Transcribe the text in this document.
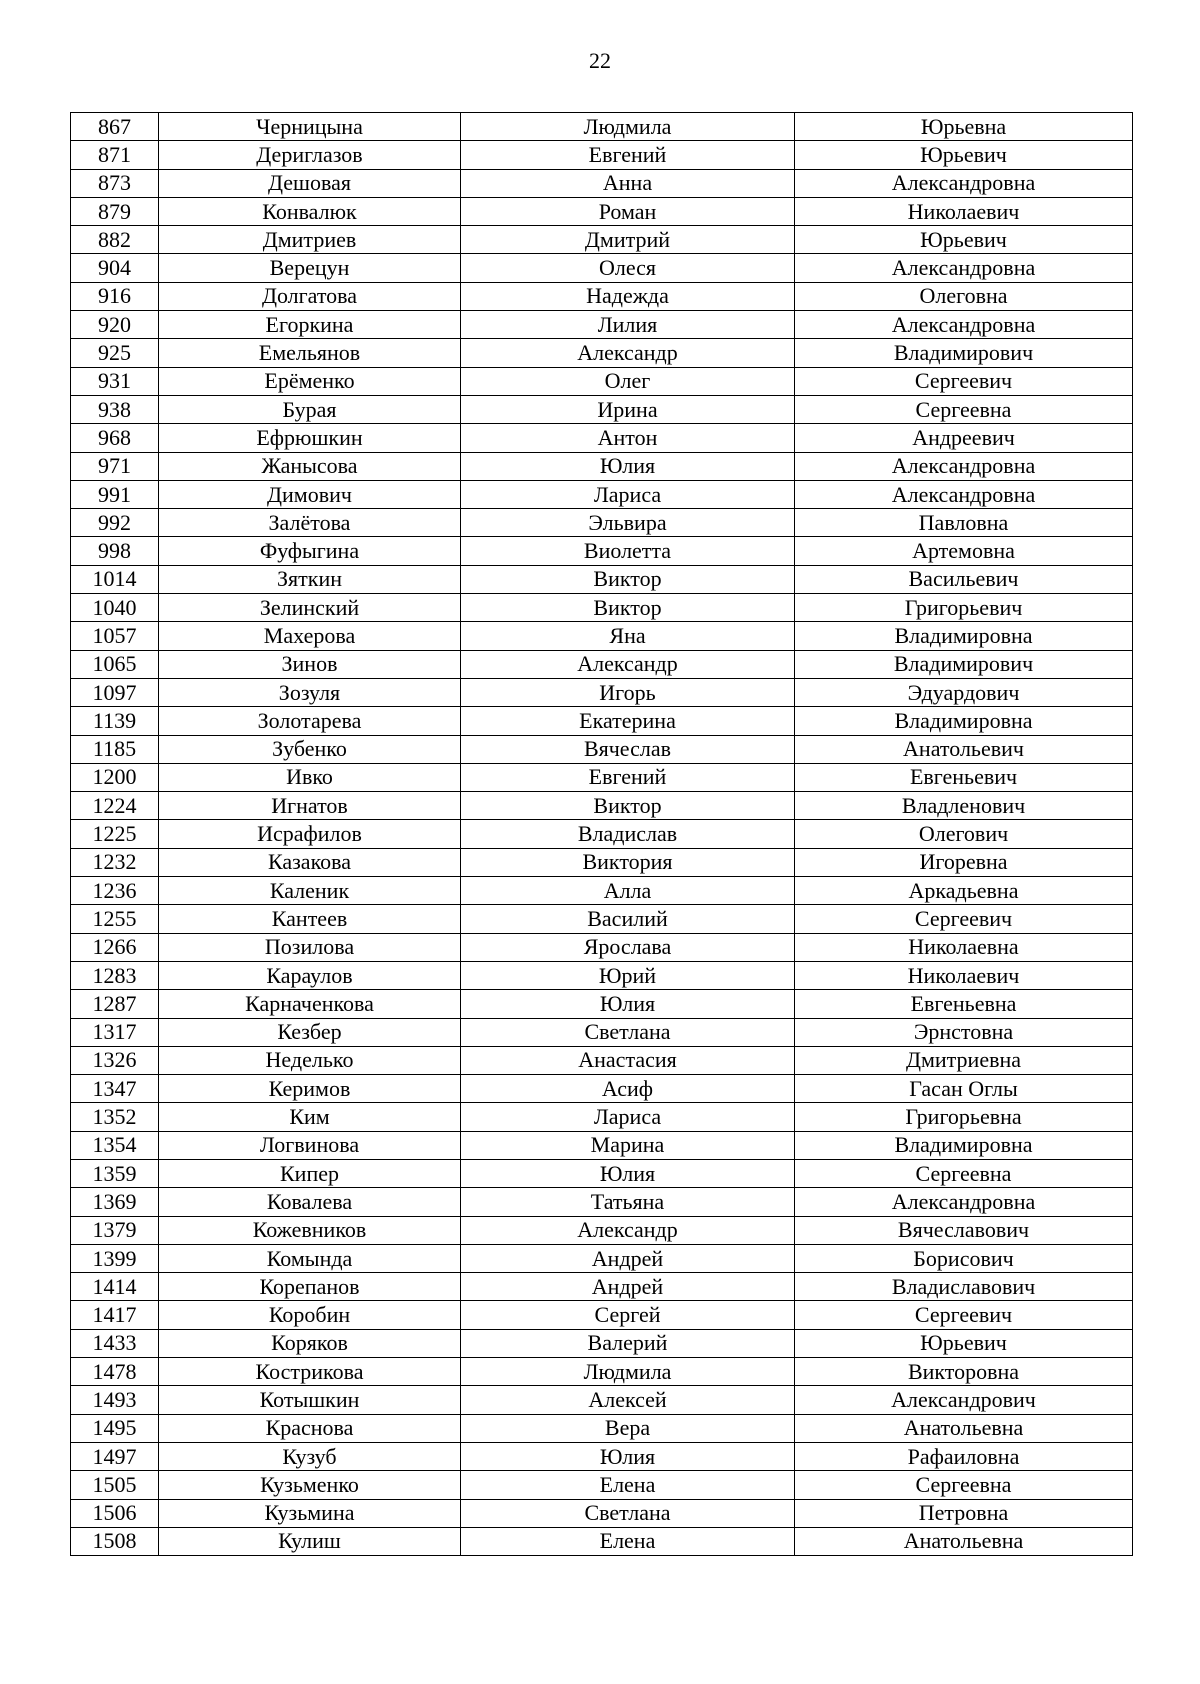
22
867	Черницына	Людмила	Юрьевна
871	Дериглазов	Евгений	Юрьевич
873	Дешовая	Анна	Александровна
879	Конвалюк	Роман	Николаевич
882	Дмитриев	Дмитрий	Юрьевич
904	Верецун	Олеся	Александровна
916	Долгатова	Надежда	Олеговна
920	Егоркина	Лилия	Александровна
925	Емельянов	Александр	Владимирович
931	Ерёменко	Олег	Сергеевич
938	Бурая	Ирина	Сергеевна
968	Ефрюшкин	Антон	Андреевич
971	Жанысова	Юлия	Александровна
991	Димович	Лариса	Александровна
992	Залётова	Эльвира	Павловна
998	Фуфыгина	Виолетта	Артемовна
1014	Зяткин	Виктор	Васильевич
1040	Зелинский	Виктор	Григорьевич
1057	Махерова	Яна	Владимировна
1065	Зинов	Александр	Владимирович
1097	Зозуля	Игорь	Эдуардович
1139	Золотарева	Екатерина	Владимировна
1185	Зубенко	Вячеслав	Анатольевич
1200	Ивко	Евгений	Евгеньевич
1224	Игнатов	Виктор	Владленович
1225	Исрафилов	Владислав	Олегович
1232	Казакова	Виктория	Игоревна
1236	Каленик	Алла	Аркадьевна
1255	Кантеев	Василий	Сергеевич
1266	Позилова	Ярослава	Николаевна
1283	Караулов	Юрий	Николаевич
1287	Карначенкова	Юлия	Евгеньевна
1317	Кезбер	Светлана	Эрнстовна
1326	Неделько	Анастасия	Дмитриевна
1347	Керимов	Асиф	Гасан Оглы
1352	Ким	Лариса	Григорьевна
1354	Логвинова	Марина	Владимировна
1359	Кипер	Юлия	Сергеевна
1369	Ковалева	Татьяна	Александровна
1379	Кожевников	Александр	Вячеславович
1399	Комында	Андрей	Борисович
1414	Корепанов	Андрей	Владиславович
1417	Коробин	Сергей	Сергеевич
1433	Коряков	Валерий	Юрьевич
1478	Кострикова	Людмила	Викторовна
1493	Котышкин	Алексей	Александрович
1495	Краснова	Вера	Анатольевна
1497	Кузуб	Юлия	Рафаиловна
1505	Кузьменко	Елена	Сергеевна
1506	Кузьмина	Светлана	Петровна
1508	Кулиш	Елена	Анатольевна
